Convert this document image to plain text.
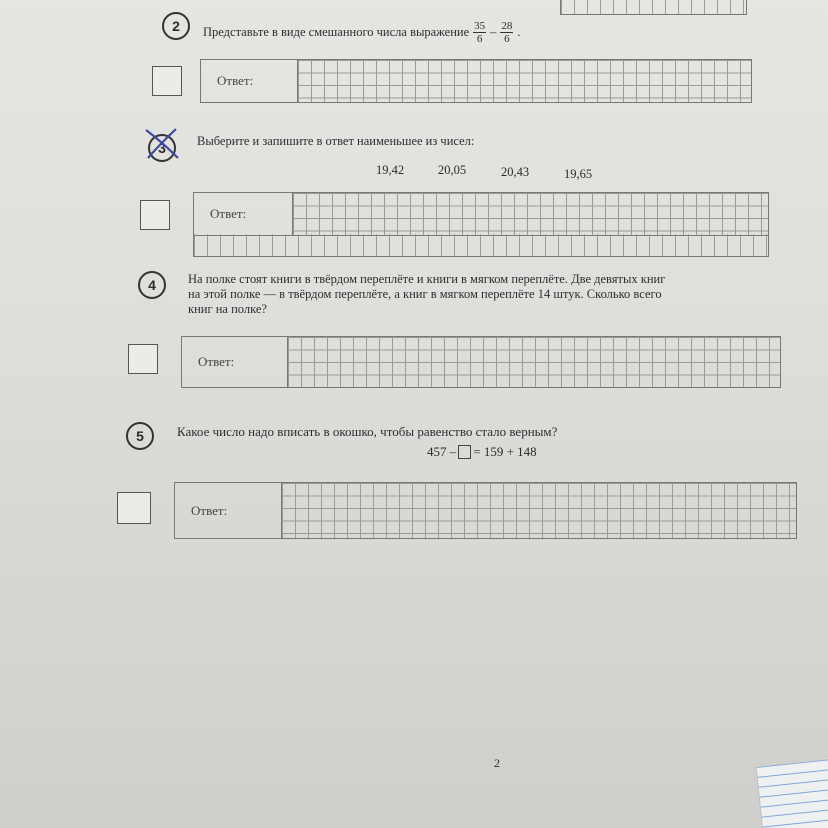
2 Представьте в виде смешанного числа выражение $\frac{35}{6} - \frac{28}{6}$ .
Ответ:
3 Выберите и запишите в ответ наименьшее из чисел:
19,42	20,05	20,43	19,65
Ответ:
4	На полке стоят книги в твёрдом переплёте и книги в мягком переплёте. Две девятых книг
на этой полке — в твёрдом переплёте, а книг в мягком переплёте 14 штук. Сколько всего
книг на полке?
Ответ:
5	Какое число надо вписать в окошко, чтобы равенство стало верным?
457 – = 159 + 148
Ответ:
2
